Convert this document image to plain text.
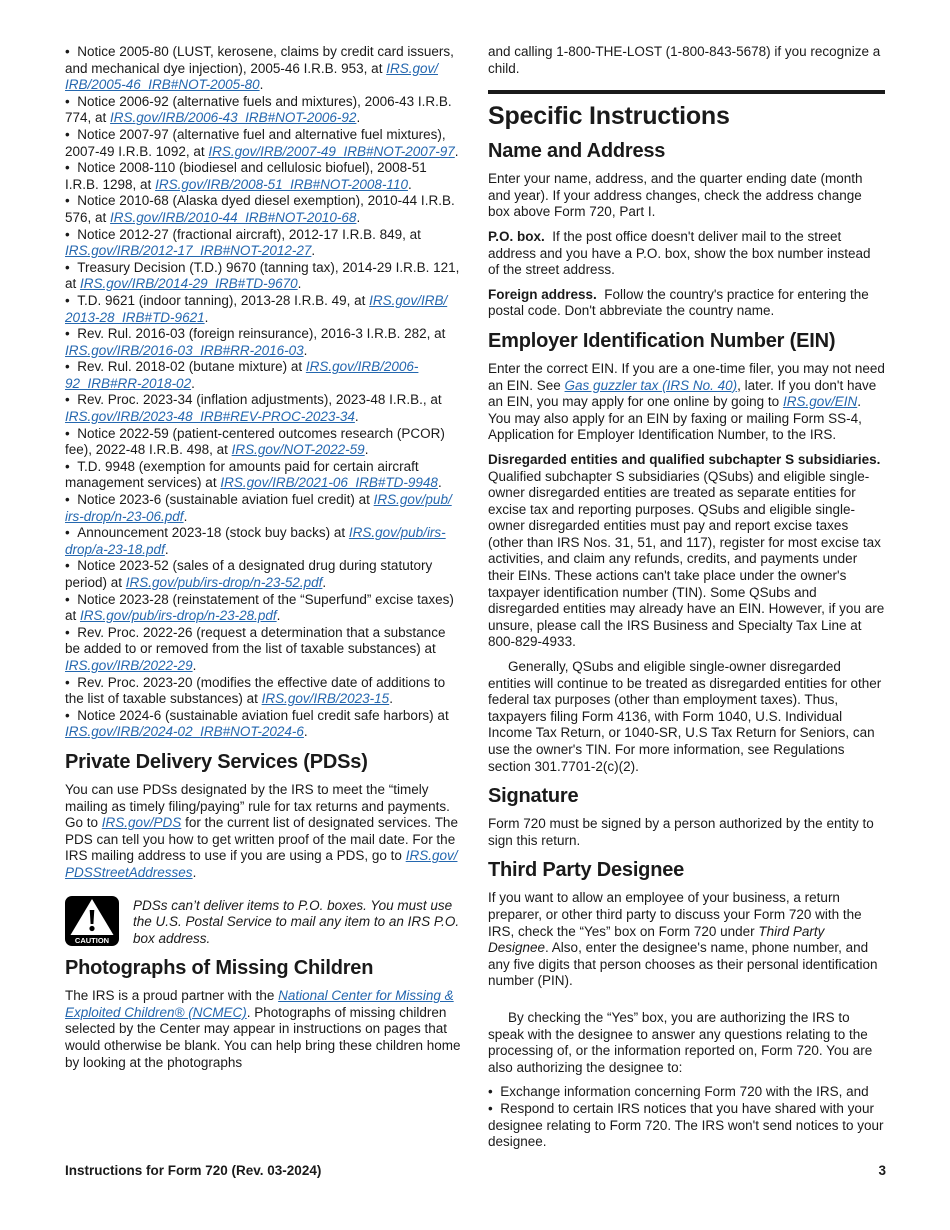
•  Notice 2005-80 (LUST, kerosene, claims by credit card issuers, and mechanical dye injection), 2005-46 I.R.B. 953, at IRS.gov/​IRB/​2005-46_IRB#NOT-2005-80.
•  Notice 2006-92 (alternative fuels and mixtures), 2006-43 I.R.B. 774, at IRS.gov/​IRB/​2006-43_IRB#NOT-2006-92.
•  Notice 2007-97 (alternative fuel and alternative fuel mixtures), 2007-49 I.R.B. 1092, at IRS.gov/​IRB/​2007-49_IRB#NOT-2007-97.
•  Notice 2008-110 (biodiesel and cellulosic biofuel), 2008-51 I.R.B. 1298, at IRS.gov/​IRB/​2008-51_IRB#NOT-2008-110.
•  Notice 2010-68 (Alaska dyed diesel exemption), 2010-44 I.R.B. 576, at IRS.gov/​IRB/​2010-44_IRB#NOT-2010-68.
•  Notice 2012-27 (fractional aircraft), 2012-17 I.R.B. 849, at IRS.gov/​IRB/​2012-17_IRB#NOT-2012-27.
•  Treasury Decision (T.D.) 9670 (tanning tax), 2014-29 I.R.B. 121, at IRS.gov/​IRB/​2014-29_IRB#TD-9670.
•  T.D. 9621 (indoor tanning), 2013-28 I.R.B. 49, at IRS.gov/​IRB/​2013-28_IRB#TD-9621.
•  Rev. Rul. 2016-03 (foreign reinsurance), 2016-3 I.R.B. 282, at IRS.gov/​IRB/​2016-03_IRB#RR-2016-03.
•  Rev. Rul. 2018-02 (butane mixture) at IRS.gov/​IRB/​2006-92_IRB#RR-2018-02.
•  Rev. Proc. 2023-34 (inflation adjustments), 2023-48 I.R.B., at IRS.gov/​IRB/​2023-48_IRB#REV-PROC-2023-34.
•  Notice 2022-59 (patient-centered outcomes research (PCOR) fee), 2022-48 I.R.B. 498, at IRS.gov/​NOT-2022-59.
•  T.D. 9948 (exemption for amounts paid for certain aircraft management services) at IRS.gov/​IRB/​2021-06_IRB#TD-9948.
•  Notice 2023-6 (sustainable aviation fuel credit) at IRS.gov/​pub/​irs-drop/​n-23-06.pdf.
•  Announcement 2023-18 (stock buy backs) at IRS.gov/​pub/​irs-drop/​a-23-18.pdf.
•  Notice 2023-52 (sales of a designated drug during statutory period) at IRS.gov/​pub/​irs-drop/​n-23-52.pdf.
•  Notice 2023-28 (reinstatement of the “Superfund” excise taxes) at IRS.gov/​pub/​irs-drop/​n-23-28.pdf.
•  Rev. Proc. 2022-26 (request a determination that a substance be added to or removed from the list of taxable substances) at IRS.gov/​IRB/​2022-29.
•  Rev. Proc. 2023-20 (modifies the effective date of additions to the list of taxable substances) at IRS.gov/​IRB/​2023-15.
•  Notice 2024-6 (sustainable aviation fuel credit safe harbors) at IRS.gov/​IRB/​2024-02_IRB#NOT-2024-6.
Private Delivery Services (PDSs)

You can use PDSs designated by the IRS to meet the “timely mailing as timely filing/paying” rule for tax returns and payments. Go to IRS.gov/​PDS for the current list of designated services. The PDS can tell you how to get written proof of the mail date. For the IRS mailing address to use if you are using a PDS, go to IRS.gov/​PDSStreetAddresses.

CAUTION

PDSs can’t deliver items to P.O. boxes. You must use the U.S. Postal Service to mail any item to an IRS P.O. box address.

Photographs of Missing Children

The IRS is a proud partner with the National Center for Missing & Exploited Children® (NCMEC). Photographs of missing children selected by the Center may appear in instructions on pages that would otherwise be blank. You can help bring these children home by looking at the photographs

and calling 1-800-THE-LOST (1-800-843-5678) if you recognize a child.

Specific Instructions
Name and Address

Enter your name, address, and the quarter ending date (month and year). If your address changes, check the address change box above Form 720, Part I.

P.O. box.  If the post office doesn't deliver mail to the street address and you have a P.O. box, show the box number instead of the street address.

Foreign address.  Follow the country's practice for entering the postal code. Don't abbreviate the country name.

Employer Identification Number (EIN)

Enter the correct EIN. If you are a one-time filer, you may not need an EIN. See Gas guzzler tax (IRS No. 40), later. If you don't have an EIN, you may apply for one online by going to IRS.gov/​EIN. You may also apply for an EIN by faxing or mailing Form SS-4, Application for Employer Identification Number, to the IRS.

Disregarded entities and qualified subchapter S subsidiaries.  Qualified subchapter S subsidiaries (QSubs) and eligible single-owner disregarded entities are treated as separate entities for excise tax and reporting purposes. QSubs and eligible single-owner disregarded entities must pay and report excise taxes (other than IRS Nos. 31, 51, and 117), register for most excise tax activities, and claim any refunds, credits, and payments under their EINs. These actions can't take place under the owner's taxpayer identification number (TIN). Some QSubs and disregarded entities may already have an EIN. However, if you are unsure, please call the IRS Business and Specialty Tax Line at 800-829-4933.

Generally, QSubs and eligible single-owner disregarded entities will continue to be treated as disregarded entities for other federal tax purposes (other than employment taxes). Thus, taxpayers filing Form 4136, with Form 1040, U.S. Individual Income Tax Return, or 1040-SR, U.S Tax Return for Seniors, can use the owner's TIN. For more information, see Regulations section 301.7701-2(c)(2).

Signature

Form 720 must be signed by a person authorized by the entity to sign this return.

Third Party Designee

If you want to allow an employee of your business, a return preparer, or other third party to discuss your Form 720 with the IRS, check the “Yes” box on Form 720 under Third Party Designee. Also, enter the designee's name, phone number, and any five digits that person chooses as their personal identification number (PIN).

By checking the “Yes” box, you are authorizing the IRS to speak with the designee to answer any questions relating to the processing of, or the information reported on, Form 720. You are also authorizing the designee to:

•  Exchange information concerning Form 720 with the IRS, and
•  Respond to certain IRS notices that you have shared with your designee relating to Form 720. The IRS won't send notices to your designee.
Instructions for Form 720 (Rev. 03-2024)	3
